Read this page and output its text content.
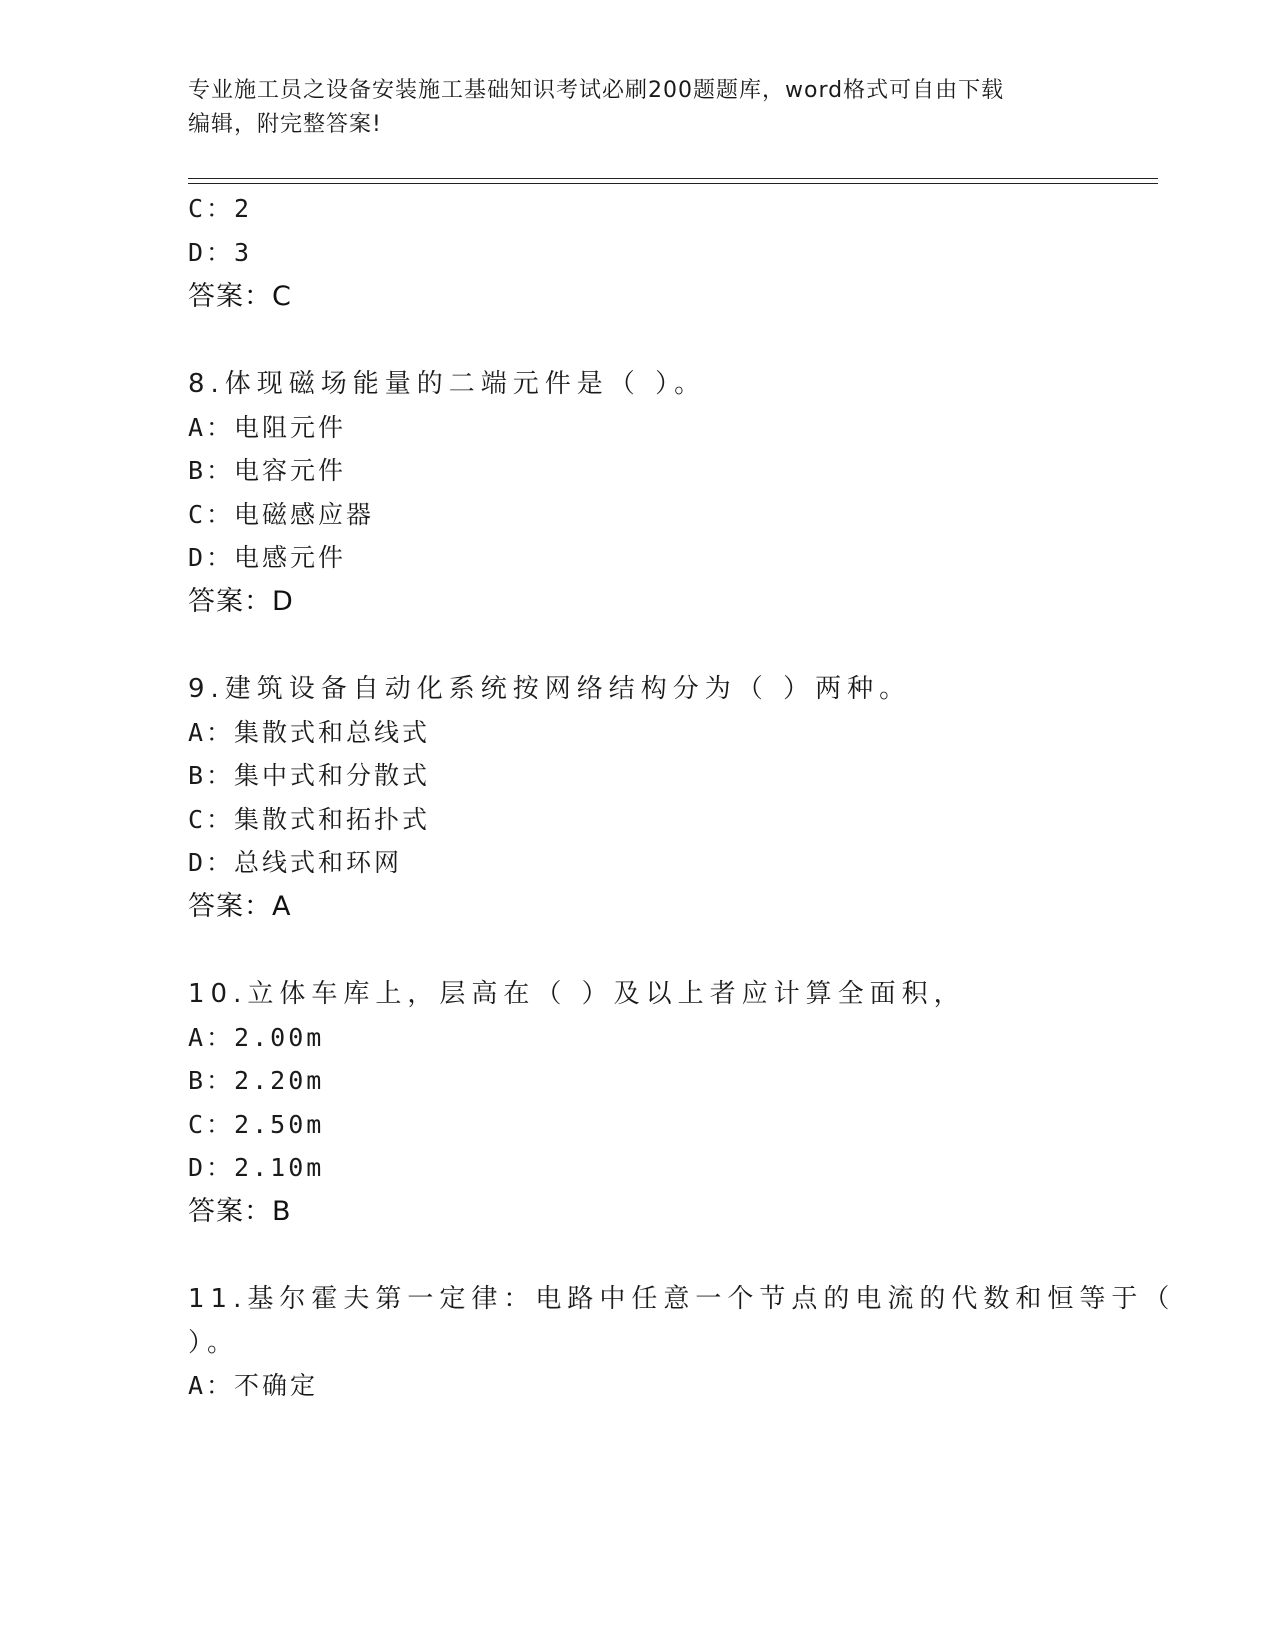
专业施工员之设备安装施工基础知识考试必刷200题题库，word格式可自由下载
编辑，附完整答案!
C：2
D：3
答案：C
8.体现磁场能量的二端元件是（ ）。
A：电阻元件
B：电容元件
C：电磁感应器
D：电感元件
答案：D
9.建筑设备自动化系统按网络结构分为（ ）两种。
A：集散式和总线式
B：集中式和分散式
C：集散式和拓扑式
D：总线式和环网
答案：A
10.立体车库上，层高在（ ）及以上者应计算全面积，
A：2.00m
B：2.20m
C：2.50m
D：2.10m
答案：B
11.基尔霍夫第一定律：电路中任意一个节点的电流的代数和恒等于（
）。
A：不确定
